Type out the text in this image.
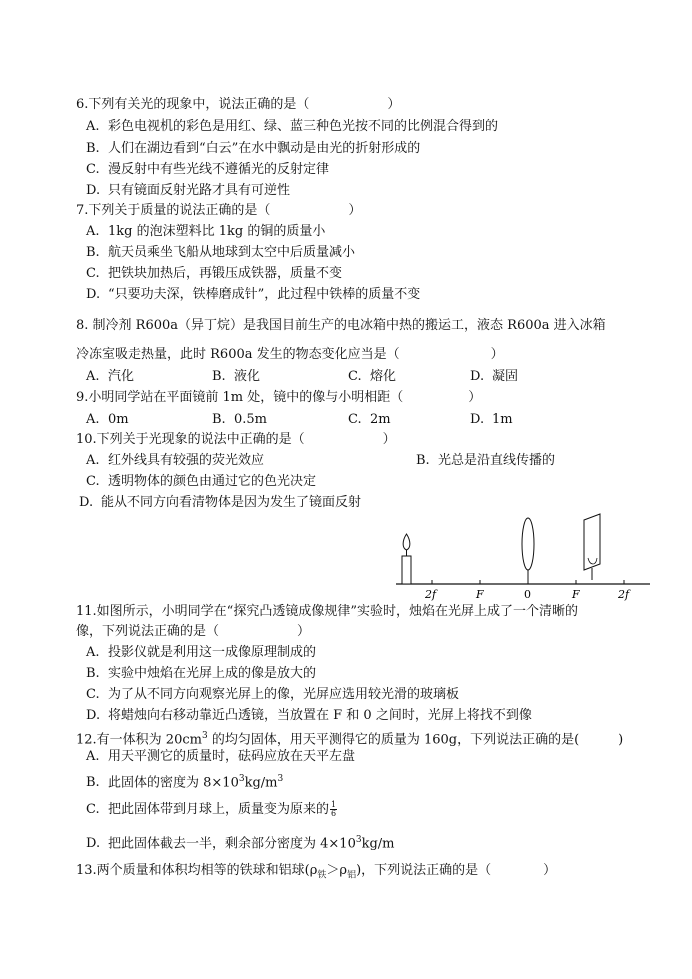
6.下列有关光的现象中，说法正确的是（　　　　　　）
A. 彩色电视机的彩色是用红、绿、蓝三种色光按不同的比例混合得到的
B. 人们在湖边看到“白云”在水中飘动是由光的折射形成的
C. 漫反射中有些光线不遵循光的反射定律
D. 只有镜面反射光路才具有可逆性
7.下列关于质量的说法正确的是（　　　　　　）
A. 1kg 的泡沫塑料比 1kg 的铜的质量小
B. 航天员乘坐飞船从地球到太空中后质量减小
C. 把铁块加热后，再锻压成铁器，质量不变
D. “只要功夫深，铁棒磨成针”，此过程中铁棒的质量不变
8. 制冷剂 R600a（异丁烷）是我国目前生产的电冰箱中热的搬运工，液态 R600a 进入冰箱
冷冻室吸走热量，此时 R600a 发生的物态变化应当是（　　　　　　　）
A. 汽化	B. 液化	C. 熔化	D. 凝固
9.小明同学站在平面镜前 1m 处，镜中的像与小明相距（　　　　　）
A. 0m	B. 0.5m	C. 2m	D. 1m
10.下列关于光现象的说法中正确的是（　　　　　　）
A. 红外线具有较强的荧光效应	B. 光总是沿直线传播的
C. 透明物体的颜色由通过它的色光决定
D. 能从不同方向看清物体是因为发生了镜面反射
2f	F	0	F	2f
11.如图所示，小明同学在“探究凸透镜成像规律”实验时，烛焰在光屏上成了一个清晰的
像，下列说法正确的是（　　　　　　）
A. 投影仪就是利用这一成像原理制成的
B. 实验中烛焰在光屏上成的像是放大的
C. 为了从不同方向观察光屏上的像，光屏应选用较光滑的玻璃板
D. 将蜡烛向右移动靠近凸透镜，当放置在 F 和 0 之间时，光屏上将找不到像
12.有一体积为 $20cm^3$ 的均匀固体，用天平测得它的质量为 160g，下列说法正确的是(　　　)
A. 用天平测它的质量时，砝码应放在天平左盘
B. 此固体的密度为 $8\times 10^3kg/m^3$
C. 把此固体带到月球上，质量变为原来的 $\frac{1}{6}$
D. 把此固体截去一半，剩余部分密度为 $4\times 10^3kg/m$
13.两个质量和体积均相等的铁球和铝球$(\rho_铁>\rho_铝)$，下列说法正确的是（　　　　）
